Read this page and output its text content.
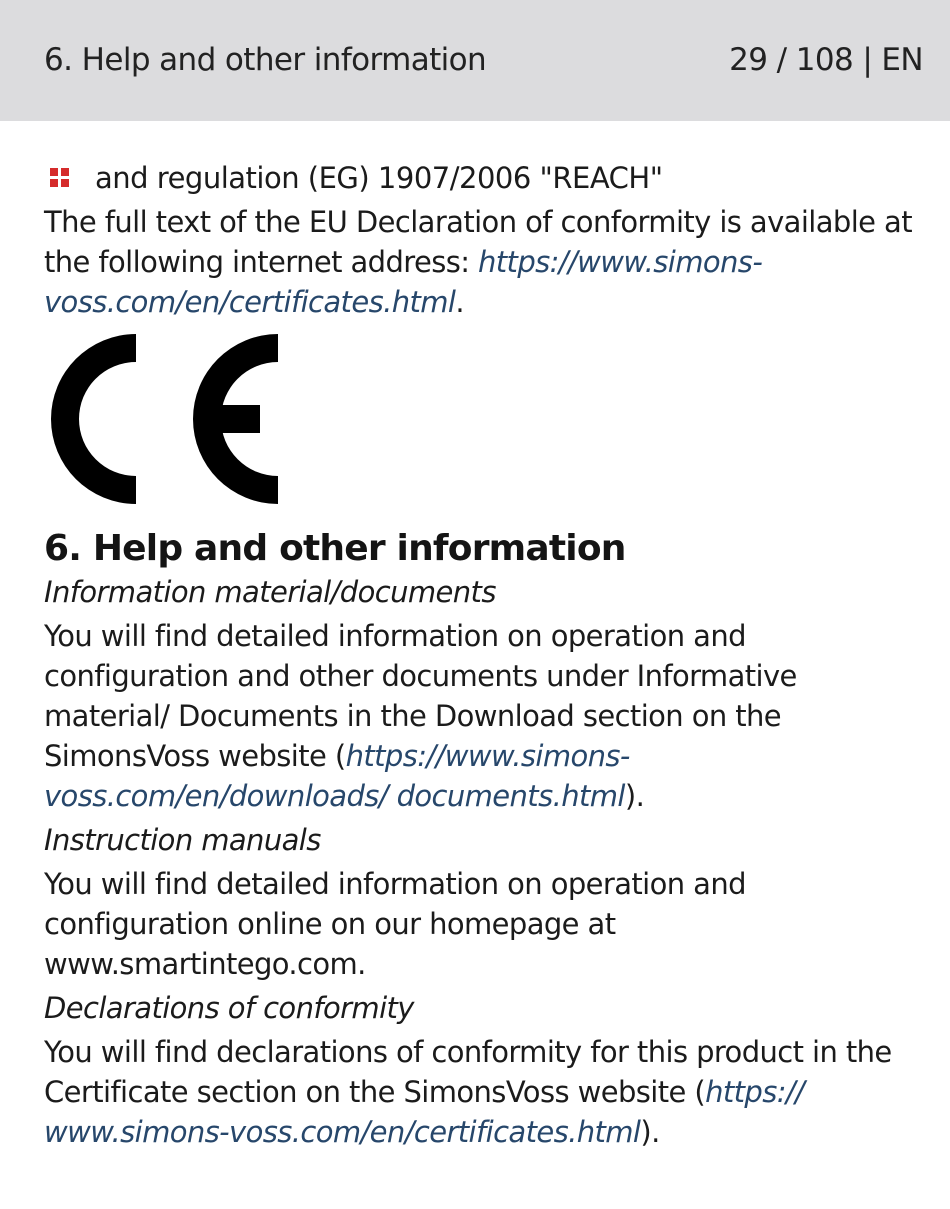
6. Help and other information	29 / 108 | EN
and regulation (EG) 1907/2006 "REACH"

The full text of the EU Declaration of conformity is available at the following internet address: https://www.simons-
voss.com/en/certificates.html.

6. Help and other information

Information material/documents

You will find detailed information on operation and configuration and other documents under Informative material/ Documents in the Download section on the SimonsVoss website (https://www.simons-voss.com/en/downloads/ documents.html).

Instruction manuals

You will find detailed information on operation and configuration online on our homepage at www.smartintego.com.

Declarations of conformity

You will find declarations of conformity for this product in the Certificate section on the SimonsVoss website (https:// www.simons-voss.com/en/certificates.html).
